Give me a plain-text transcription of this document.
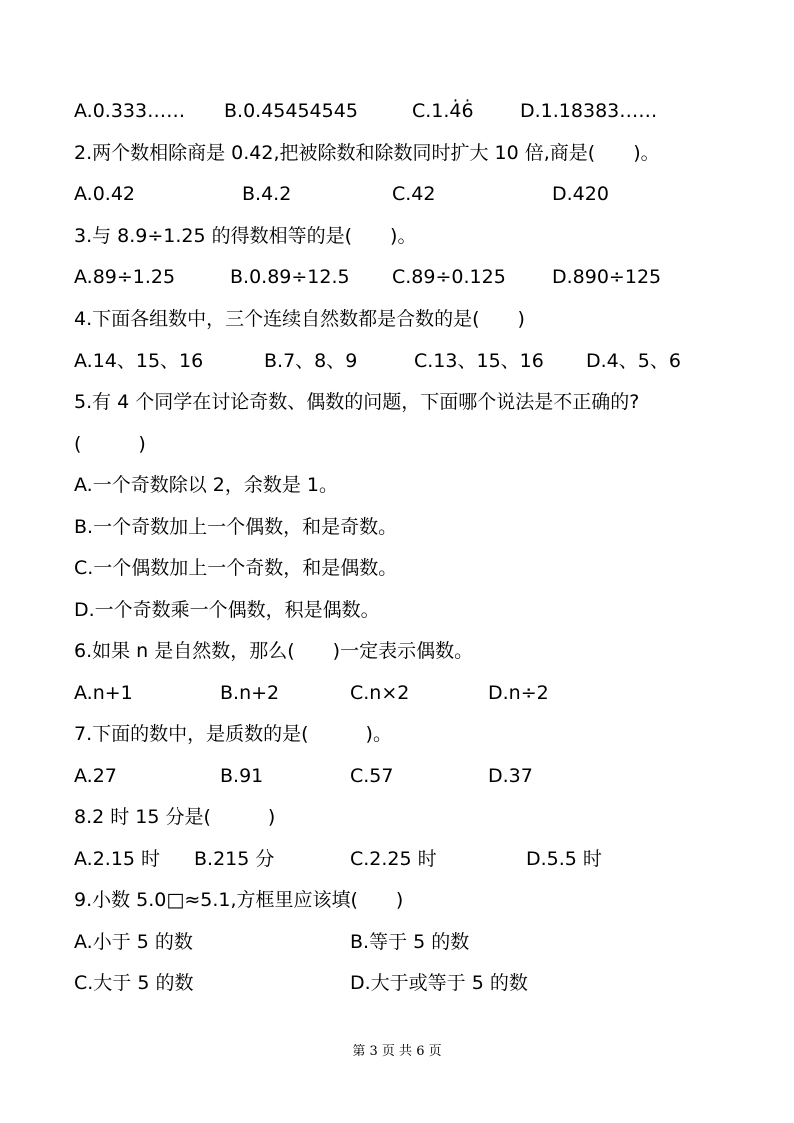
A.0.333…… B.0.45454545	C.1.4̇6̇ D.1.18383……
2.两个数相除商是 0.42,把被除数和除数同时扩大 10 倍,商是(　　)。
A.0.42	B.4.2	C.42	D.420
3.与 8.9÷1.25 的得数相等的是(　　)。
A.89÷1.25	B.0.89÷12.5 C.89÷0.125 D.890÷125
4.下面各组数中，三个连续自然数都是合数的是(　　)
A.14、15、16	B.7、8、9	C.13、15、16 D.4、5、6
5.有 4 个同学在讨论奇数、偶数的问题，下面哪个说法是不正确的?
(　　　)
A.一个奇数除以 2，余数是 1。
B.一个奇数加上一个偶数，和是奇数。
C.一个偶数加上一个奇数，和是偶数。
D.一个奇数乘一个偶数，积是偶数。
6.如果 n 是自然数，那么(　　)一定表示偶数。
A.n+1	B.n+2	C.n×2	D.n÷2
7.下面的数中，是质数的是(　　　)。
A.27	B.91	C.57	D.37
8.2 时 15 分是(　　　)
A.2.15 时 B.215 分	C.2.25 时	D.5.5 时
9.小数 5.0□≈5.1,方框里应该填(　　)
A.小于 5 的数	B.等于 5 的数
C.大于 5 的数	D.大于或等于 5 的数
第 3 页 共 6 页
